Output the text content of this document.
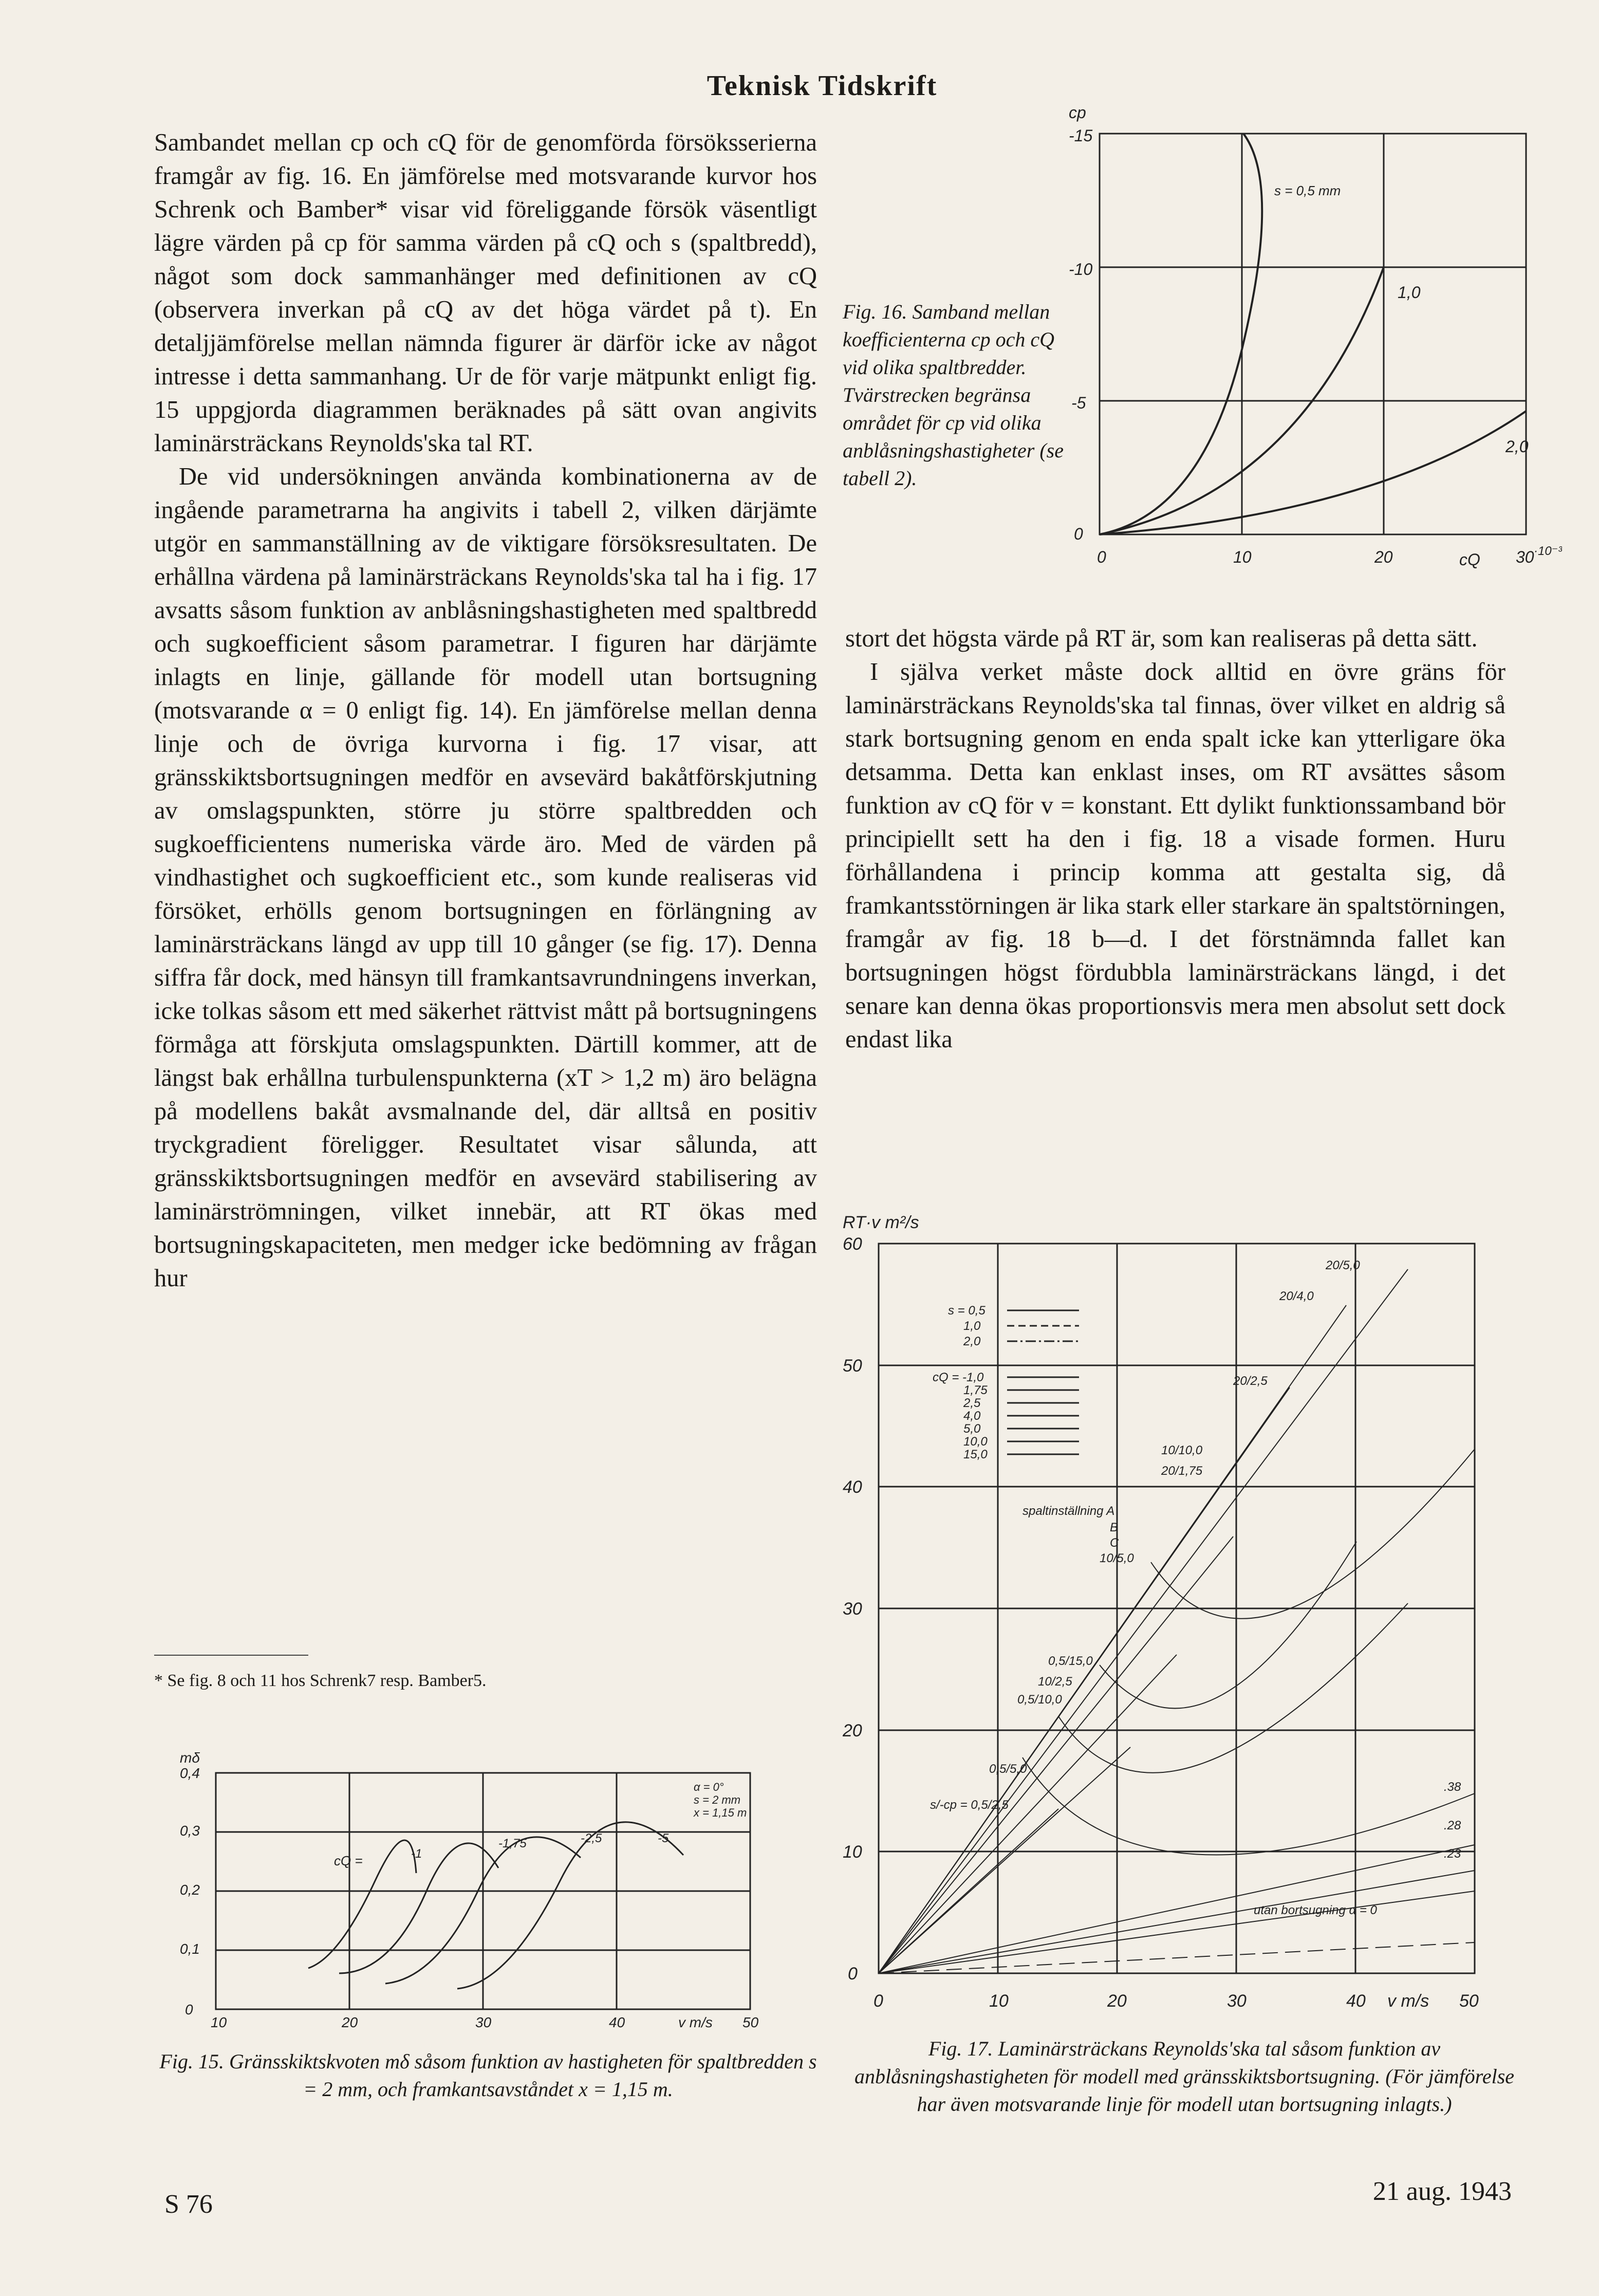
Teknisk Tidskrift

Sambandet mellan cp och cQ för de genomförda försöksserierna framgår av fig. 16. En jämförelse med motsvarande kurvor hos Schrenk och Bamber* visar vid föreliggande försök väsentligt lägre värden på cp för samma värden på cQ och s (spaltbredd), något som dock sammanhänger med definitionen av cQ (observera inverkan på cQ av det höga värdet på t). En detaljjämförelse mellan nämnda figurer är därför icke av något intresse i detta sammanhang. Ur de för varje mätpunkt enligt fig. 15 uppgjorda diagrammen beräknades på sätt ovan angivits laminärsträckans Reynolds'ska tal RT.

De vid undersökningen använda kombinationerna av de ingående parametrarna ha angivits i tabell 2, vilken därjämte utgör en sammanställning av de viktigare försöksresultaten. De erhållna värdena på laminärsträckans Reynolds'ska tal ha i fig. 17 avsatts såsom funktion av anblåsningshastigheten med spaltbredd och sugkoefficient såsom parametrar. I figuren har därjämte inlagts en linje, gällande för modell utan bortsugning (motsvarande α = 0 enligt fig. 14). En jämförelse mellan denna linje och de övriga kurvorna i fig. 17 visar, att gränsskiktsbortsugningen medför en avsevärd bakåtförskjutning av omslagspunkten, större ju större spaltbredden och sugkoefficientens numeriska värde äro. Med de värden på vindhastighet och sugkoefficient etc., som kunde realiseras vid försöket, erhölls genom bortsugningen en förlängning av laminärsträckans längd av upp till 10 gånger (se fig. 17). Denna siffra får dock, med hänsyn till framkantsavrundningens inverkan, icke tolkas såsom ett med säkerhet rättvist mått på bortsugningens förmåga att förskjuta omslagspunkten. Därtill kommer, att de längst bak erhållna turbulenspunkterna (xT > 1,2 m) äro belägna på modellens bakåt avsmalnande del, där alltså en positiv tryckgradient föreligger. Resultatet visar sålunda, att gränsskiktsbortsugningen medför en avsevärd stabilisering av laminärströmningen, vilket innebär, att RT ökas med bortsugningskapaciteten, men medger icke bedömning av frågan hur

* Se fig. 8 och 11 hos Schrenk7 resp. Bamber5.
cp
0
-5
-10
-15
0	10	20	30
cQ	·10⁻³
s = 0,5 mm
1,0
2,0
Fig. 16. Samband mellan koefficienterna cp och cQ vid olika spaltbredder. Tvärstrecken begränsa området för cp vid olika anblåsningshastigheter (se tabell 2).

stort det högsta värde på RT är, som kan realiseras på detta sätt.

I själva verket måste dock alltid en övre gräns för laminärsträckans Reynolds'ska tal finnas, över vilket en aldrig så stark bortsugning genom en enda spalt icke kan ytterligare öka detsamma. Detta kan enklast inses, om RT avsättes såsom funktion av cQ för v = konstant. Ett dylikt funktionssamband bör principiellt sett ha den i fig. 18 a visade formen. Huru förhållandena i princip komma att gestalta sig, då framkantsstörningen är lika stark eller starkare än spaltstörningen, framgår av fig. 18 b—d. I det förstnämnda fallet kan bortsugningen högst fördubbla laminärsträckans längd, i det senare kan denna ökas proportionsvis mera men absolut sett dock endast lika

mδ
0
0,1
0,2
0,3
0,4
10	20	30	40	50
v m/s
α = 0°
s = 2 mm
x = 1,15 m
cQ =	-1
-1,75	-2,5	-5
Fig. 15. Gränsskiktskvoten mδ såsom funktion av hastigheten för spaltbredden s = 2 mm, och framkantsavståndet x = 1,15 m.
RT·v m²/s
0
10
20
30
40
50
60
0	10	20	30	40	50
v m/s
s = 0,5
1,0
2,0
cQ = -1,0
1,75
2,5
4,0
5,0
10,0
15,0
spaltinställning A
B
C
20/5,0
20/4,0
20/2,5
20/1,75
10/10,0
10/5,0
0,5/15,0
10/2,5
0,5/10,0
0,5/5,0
s/-cp = 0,5/2,5
.38
.28
.23
utan bortsugning α = 0
Fig. 17. Laminärsträckans Reynolds'ska tal såsom funktion av anblåsningshastigheten för modell med gränsskiktsbortsugning. (För jämförelse har även motsvarande linje för modell utan bortsugning inlagts.)
S 76	21 aug. 1943
